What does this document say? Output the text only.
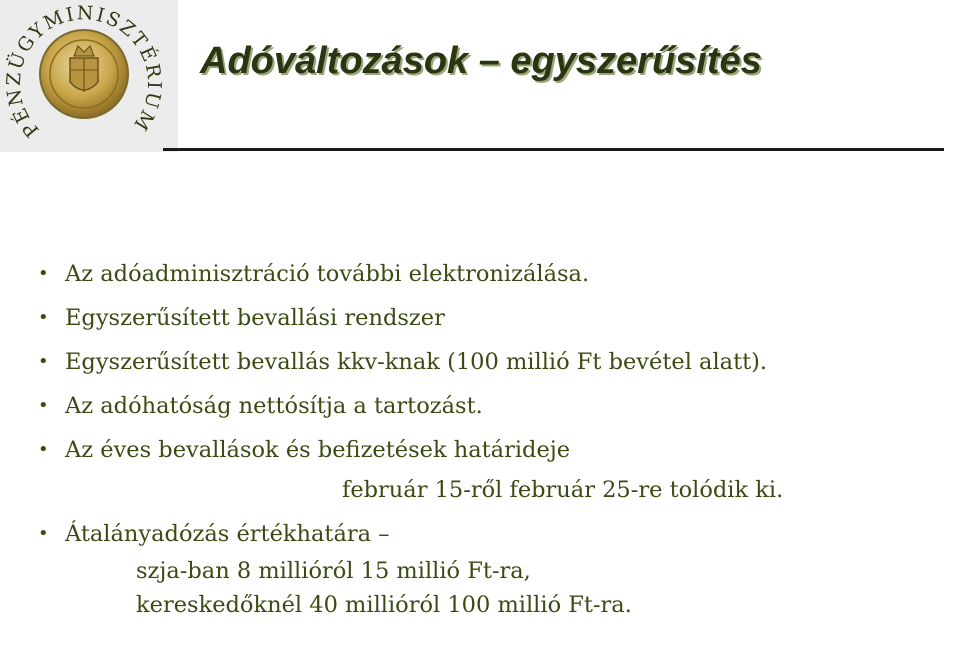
PÉNZÜGYMINISZTÉRIUM
Adóváltozások – egyszerűsítés
• Az adóadminisztráció további elektronizálása.
• Egyszerűsített bevallási rendszer
• Egyszerűsített bevallás kkv-knak (100 millió Ft bevétel alatt).
• Az adóhatóság nettósítja a tartozást.
• Az éves bevallások és befizetések határideje
február 15-ről február 25-re tolódik ki.
• Átalányadózás értékhatára –
szja-ban 8 millióról 15 millió Ft-ra,
kereskedőknél 40 millióról 100 millió Ft-ra.
